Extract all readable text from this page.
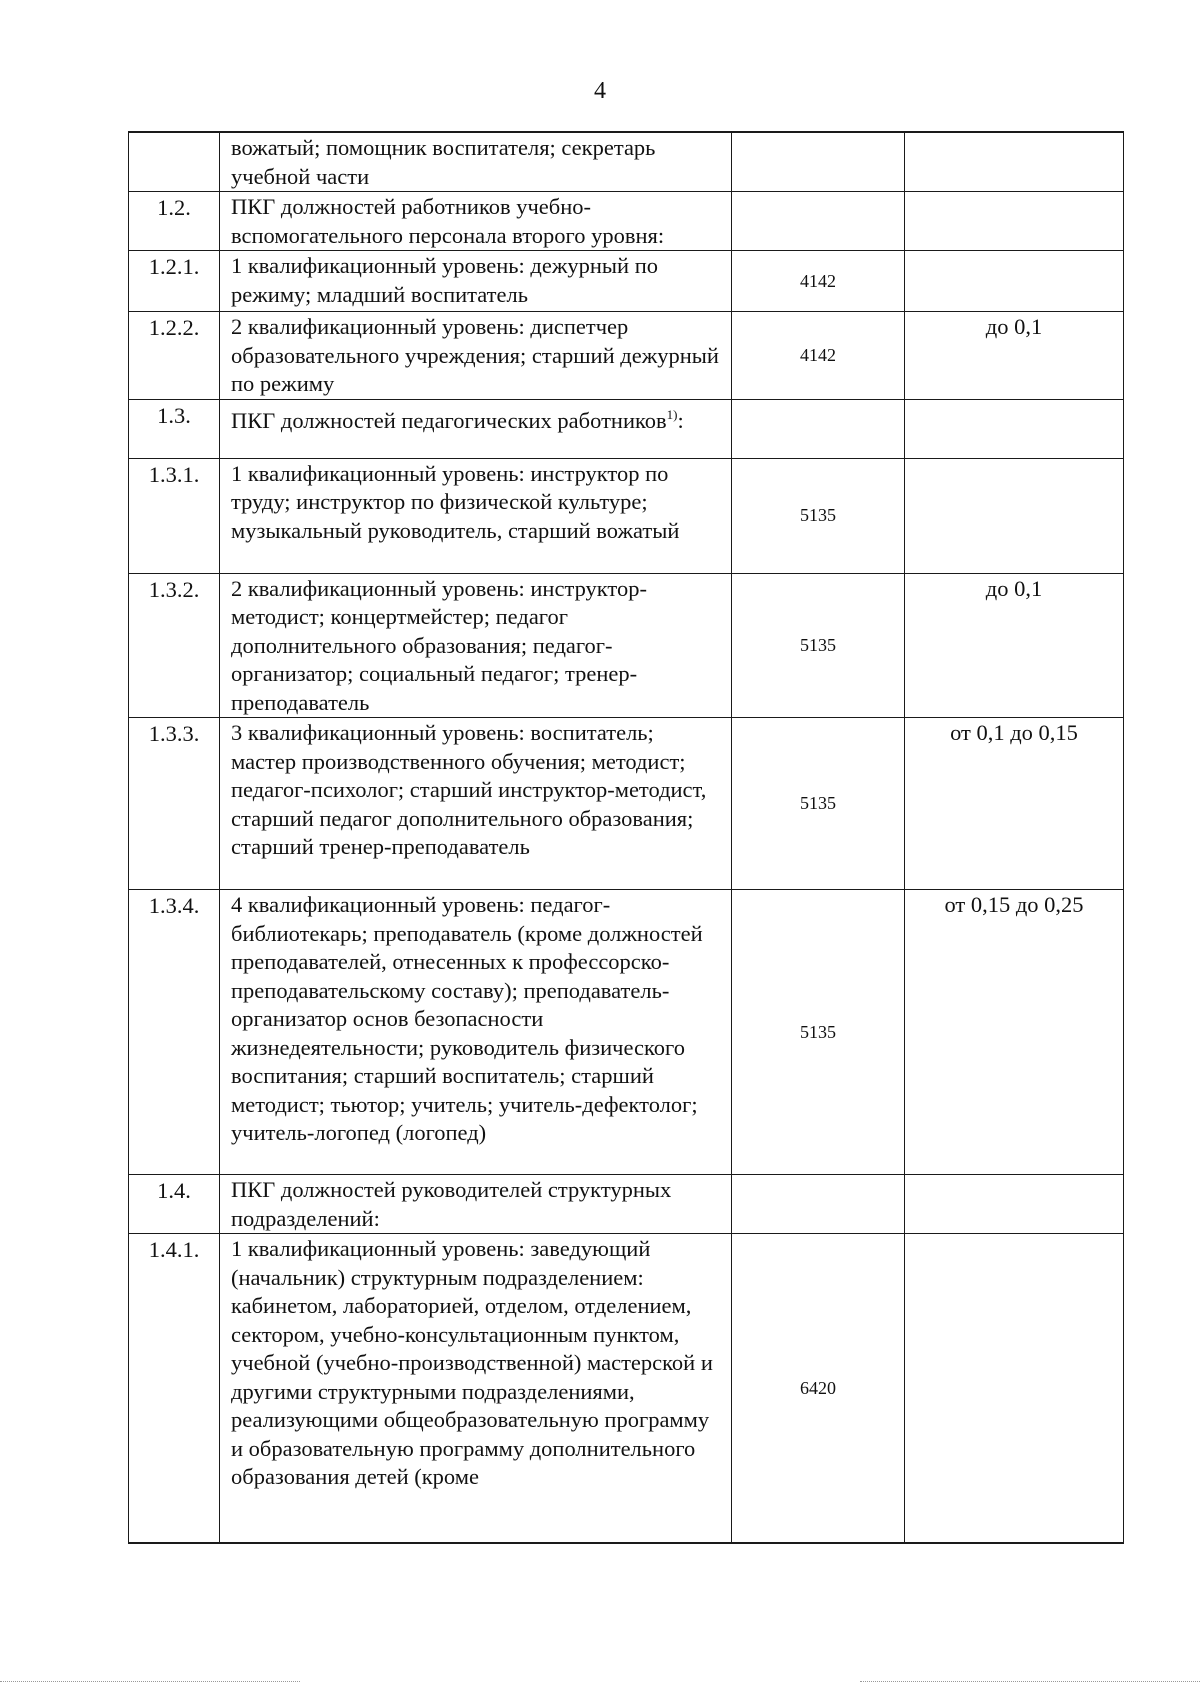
4
	вожатый; помощник воспитателя; секретарь учебной части		
1.2.	ПКГ должностей работников учебно-вспомогательного персонала второго уровня:		
1.2.1.	1 квалификационный уровень: дежурный по режиму; младший воспитатель	4142	
1.2.2.	2 квалификационный уровень: диспетчер образовательного учреждения; старший дежурный по режиму	4142	до 0,1
1.3.	ПКГ должностей педагогических работников$^{1)}$:		
1.3.1.	1 квалификационный уровень: инструктор по труду; инструктор по физической культуре; музыкальный руководитель, старший вожатый	5135	
1.3.2.	2 квалификационный уровень: инструктор-методист; концертмейстер; педагог дополнительного образования; педагог-организатор; социальный педагог; тренер-преподаватель	5135	до 0,1
1.3.3.	3 квалификационный уровень: воспитатель; мастер производственного обучения; методист; педагог-психолог; старший инструктор-методист, старший педагог дополнительного образования; старший тренер-преподаватель	5135	от 0,1 до 0,15
1.3.4.	4 квалификационный уровень: педагог-библиотекарь; преподаватель (кроме должностей преподавателей, отнесенных к профессорско-преподавательскому составу); преподаватель-организатор основ безопасности жизнедеятельности; руководитель физического воспитания; старший воспитатель; старший методист; тьютор; учитель; учитель-дефектолог; учитель-логопед (логопед)	5135	от 0,15 до 0,25
1.4.	ПКГ должностей руководителей структурных подразделений:		
1.4.1.	1 квалификационный уровень: заведующий (начальник) структурным подразделением: кабинетом, лабораторией, отделом, отделением, сектором, учебно-консультационным пунктом, учебной (учебно-производственной) мастерской и другими структурными подразделениями, реализующими общеобразовательную программу и образовательную программу дополнительного образования детей (кроме	6420	
